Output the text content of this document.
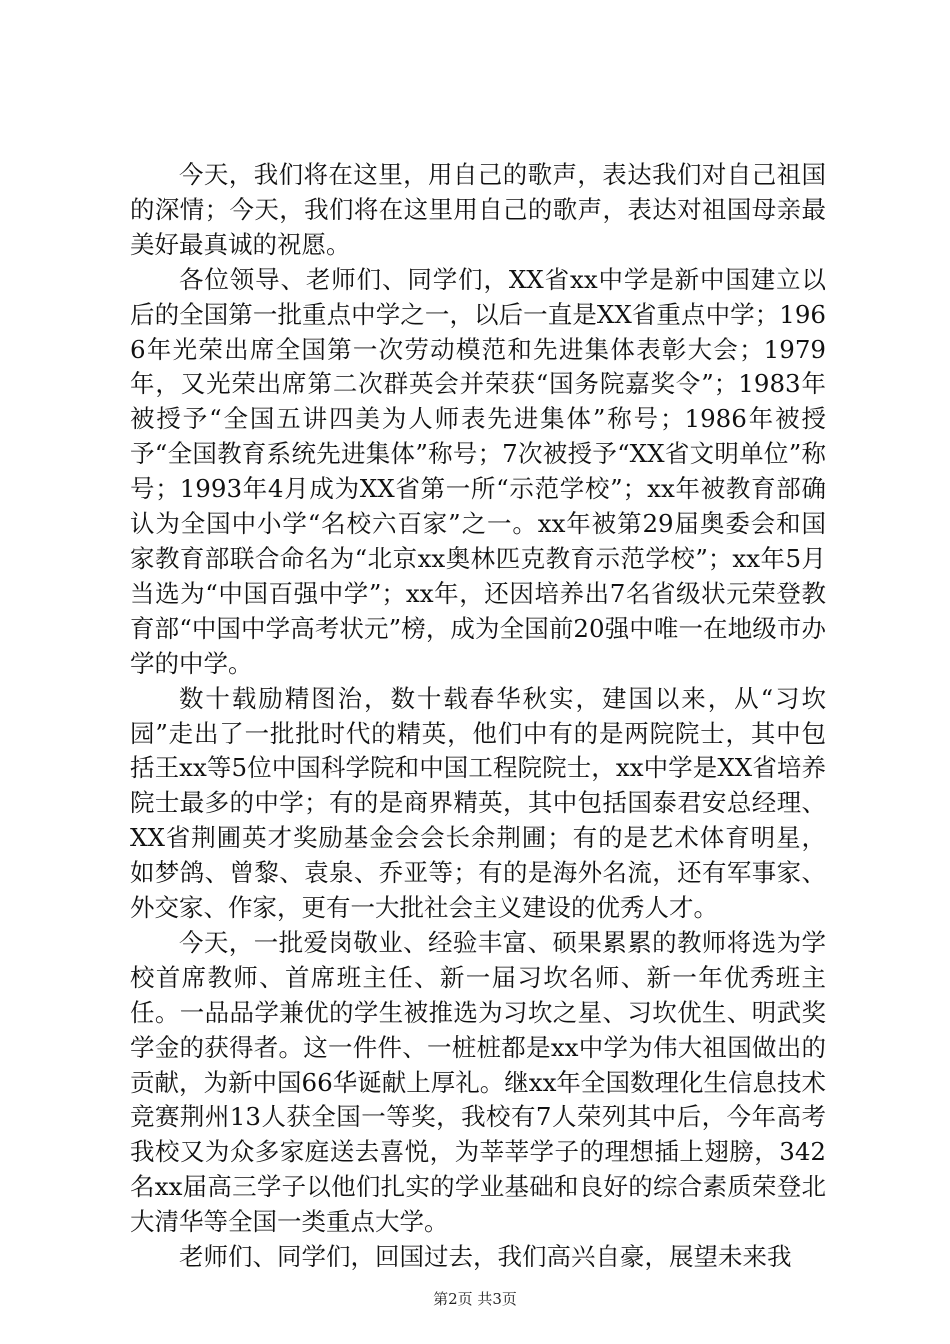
今天，我们将在这里，用自己的歌声，表达我们对自己祖国的深情；今天，我们将在这里用自己的歌声，表达对祖国母亲最美好最真诚的祝愿。

各位领导、老师们、同学们，XX省xx中学是新中国建立以后的全国第一批重点中学之一，以后一直是XX省重点中学；1966年光荣出席全国第一次劳动模范和先进集体表彰大会；1979年，又光荣出席第二次群英会并荣获“国务院嘉奖令”；1983年被授予“全国五讲四美为人师表先进集体”称号；1986年被授予“全国教育系统先进集体”称号；7次被授予“XX省文明单位”称号；1993年4月成为XX省第一所“示范学校”；xx年被教育部确认为全国中小学“名校六百家”之一。xx年被第29届奥委会和国家教育部联合命名为“北京xx奥林匹克教育示范学校”；xx年5月当选为“中国百强中学”；xx年，还因培养出7名省级状元荣登教育部“中国中学高考状元”榜，成为全国前20强中唯一在地级市办学的中学。

数十载励精图治，数十载春华秋实，建国以来，从“习坎园”走出了一批批时代的精英，他们中有的是两院院士，其中包括王xx等5位中国科学院和中国工程院院士，xx中学是XX省培养院士最多的中学；有的是商界精英，其中包括国泰君安总经理、XX省荆圃英才奖励基金会会长余荆圃；有的是艺术体育明星，如梦鸽、曾黎、袁泉、乔亚等；有的是海外名流，还有军事家、外交家、作家，更有一大批社会主义建设的优秀人才。

今天，一批爱岗敬业、经验丰富、硕果累累的教师将选为学校首席教师、首席班主任、新一届习坎名师、新一年优秀班主任。一品品学兼优的学生被推选为习坎之星、习坎优生、明武奖学金的获得者。这一件件、一桩桩都是xx中学为伟大祖国做出的贡献，为新中国66华诞献上厚礼。继xx年全国数理化生信息技术竞赛荆州13人获全国一等奖，我校有7人荣列其中后，今年高考我校又为众多家庭送去喜悦，为莘莘学子的理想插上翅膀，342名xx届高三学子以他们扎实的学业基础和良好的综合素质荣登北大清华等全国一类重点大学。

老师们、同学们，回国过去，我们高兴自豪，展望未来我

第2页 共3页
